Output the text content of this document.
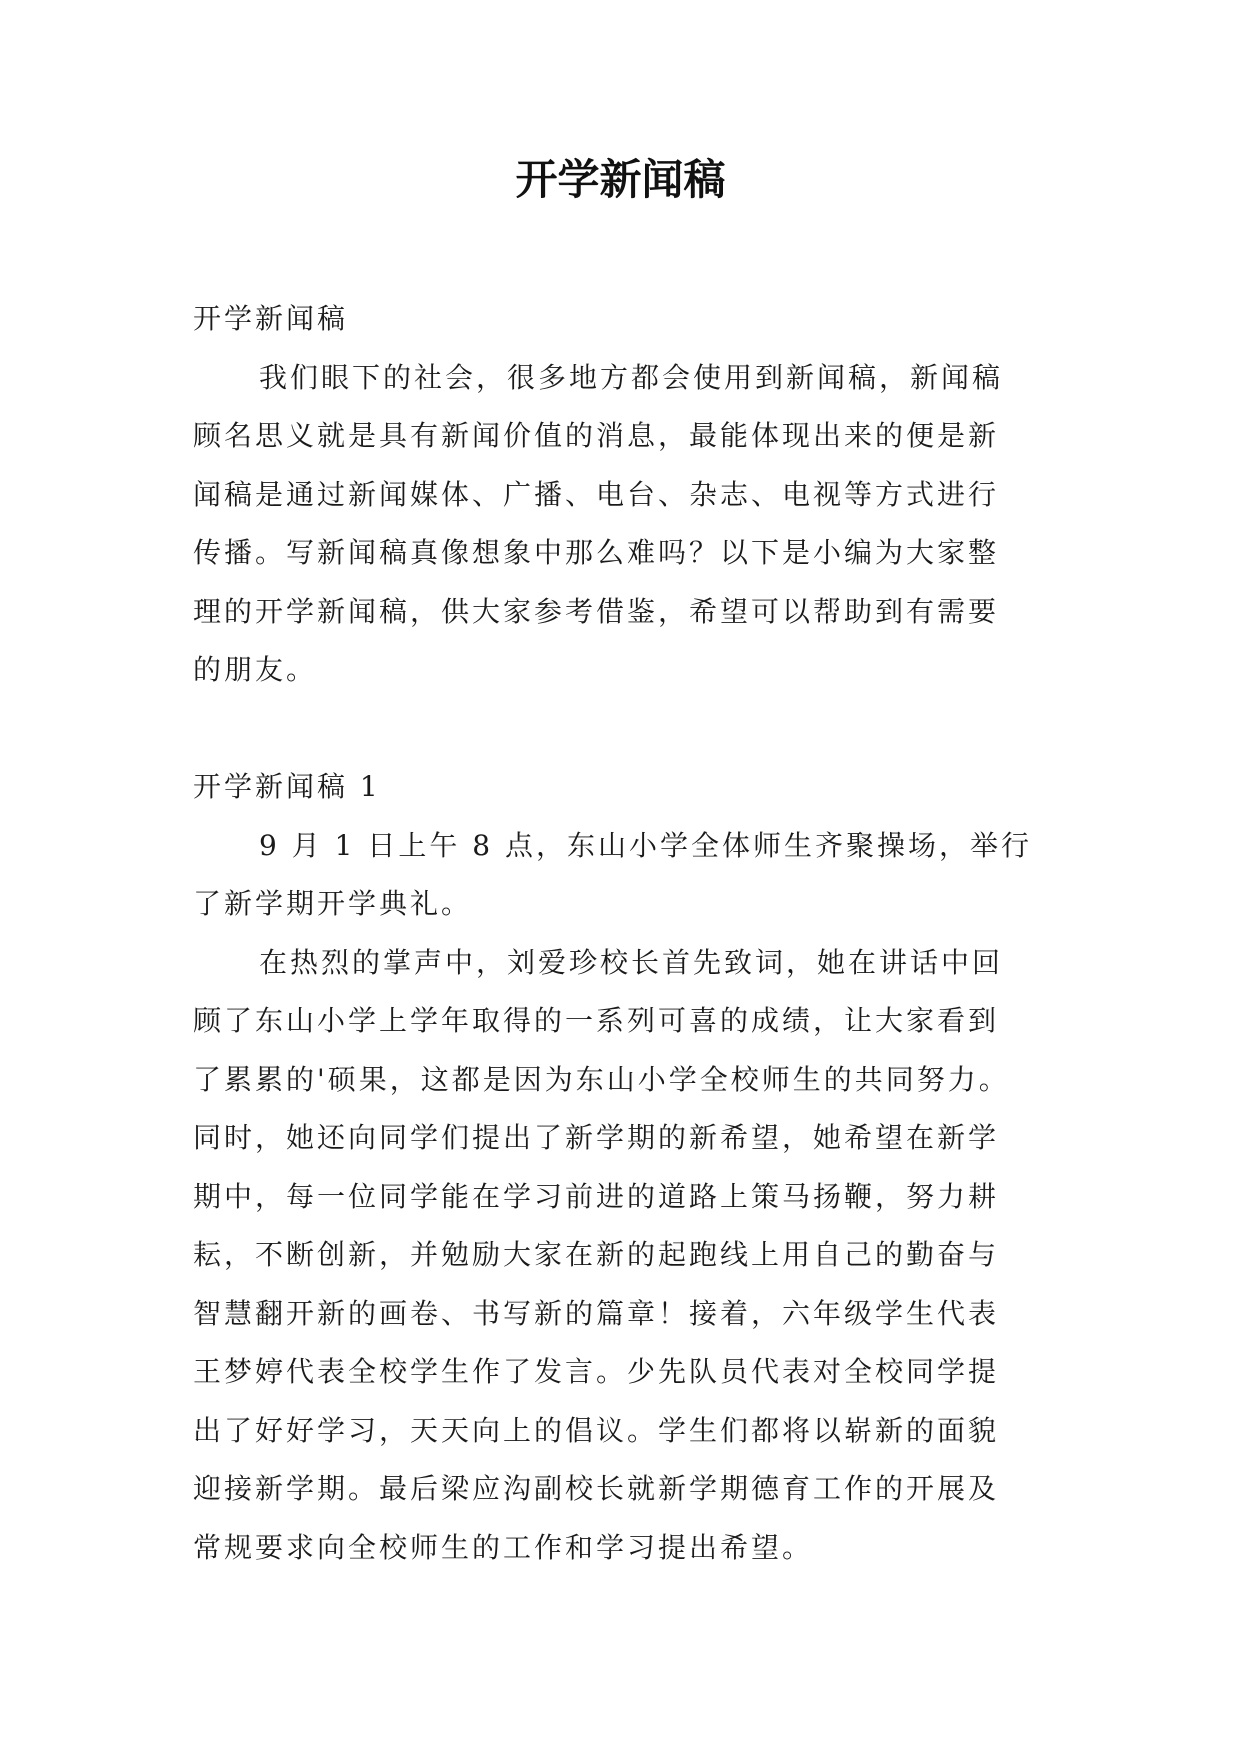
开学新闻稿
开学新闻稿
我们眼下的社会，很多地方都会使用到新闻稿，新闻稿
顾名思义就是具有新闻价值的消息，最能体现出来的便是新
闻稿是通过新闻媒体、广播、电台、杂志、电视等方式进行
传播。写新闻稿真像想象中那么难吗？以下是小编为大家整
理的开学新闻稿，供大家参考借鉴，希望可以帮助到有需要
的朋友。
开学新闻稿 1
9 月 1 日上午 8 点，东山小学全体师生齐聚操场，举行
了新学期开学典礼。
在热烈的掌声中，刘爱珍校长首先致词，她在讲话中回
顾了东山小学上学年取得的一系列可喜的成绩，让大家看到
了累累的'硕果，这都是因为东山小学全校师生的共同努力。
同时，她还向同学们提出了新学期的新希望，她希望在新学
期中，每一位同学能在学习前进的道路上策马扬鞭，努力耕
耘，不断创新，并勉励大家在新的起跑线上用自己的勤奋与
智慧翻开新的画卷、书写新的篇章！接着，六年级学生代表
王梦婷代表全校学生作了发言。少先队员代表对全校同学提
出了好好学习，天天向上的倡议。学生们都将以崭新的面貌
迎接新学期。最后梁应沟副校长就新学期德育工作的开展及
常规要求向全校师生的工作和学习提出希望。
